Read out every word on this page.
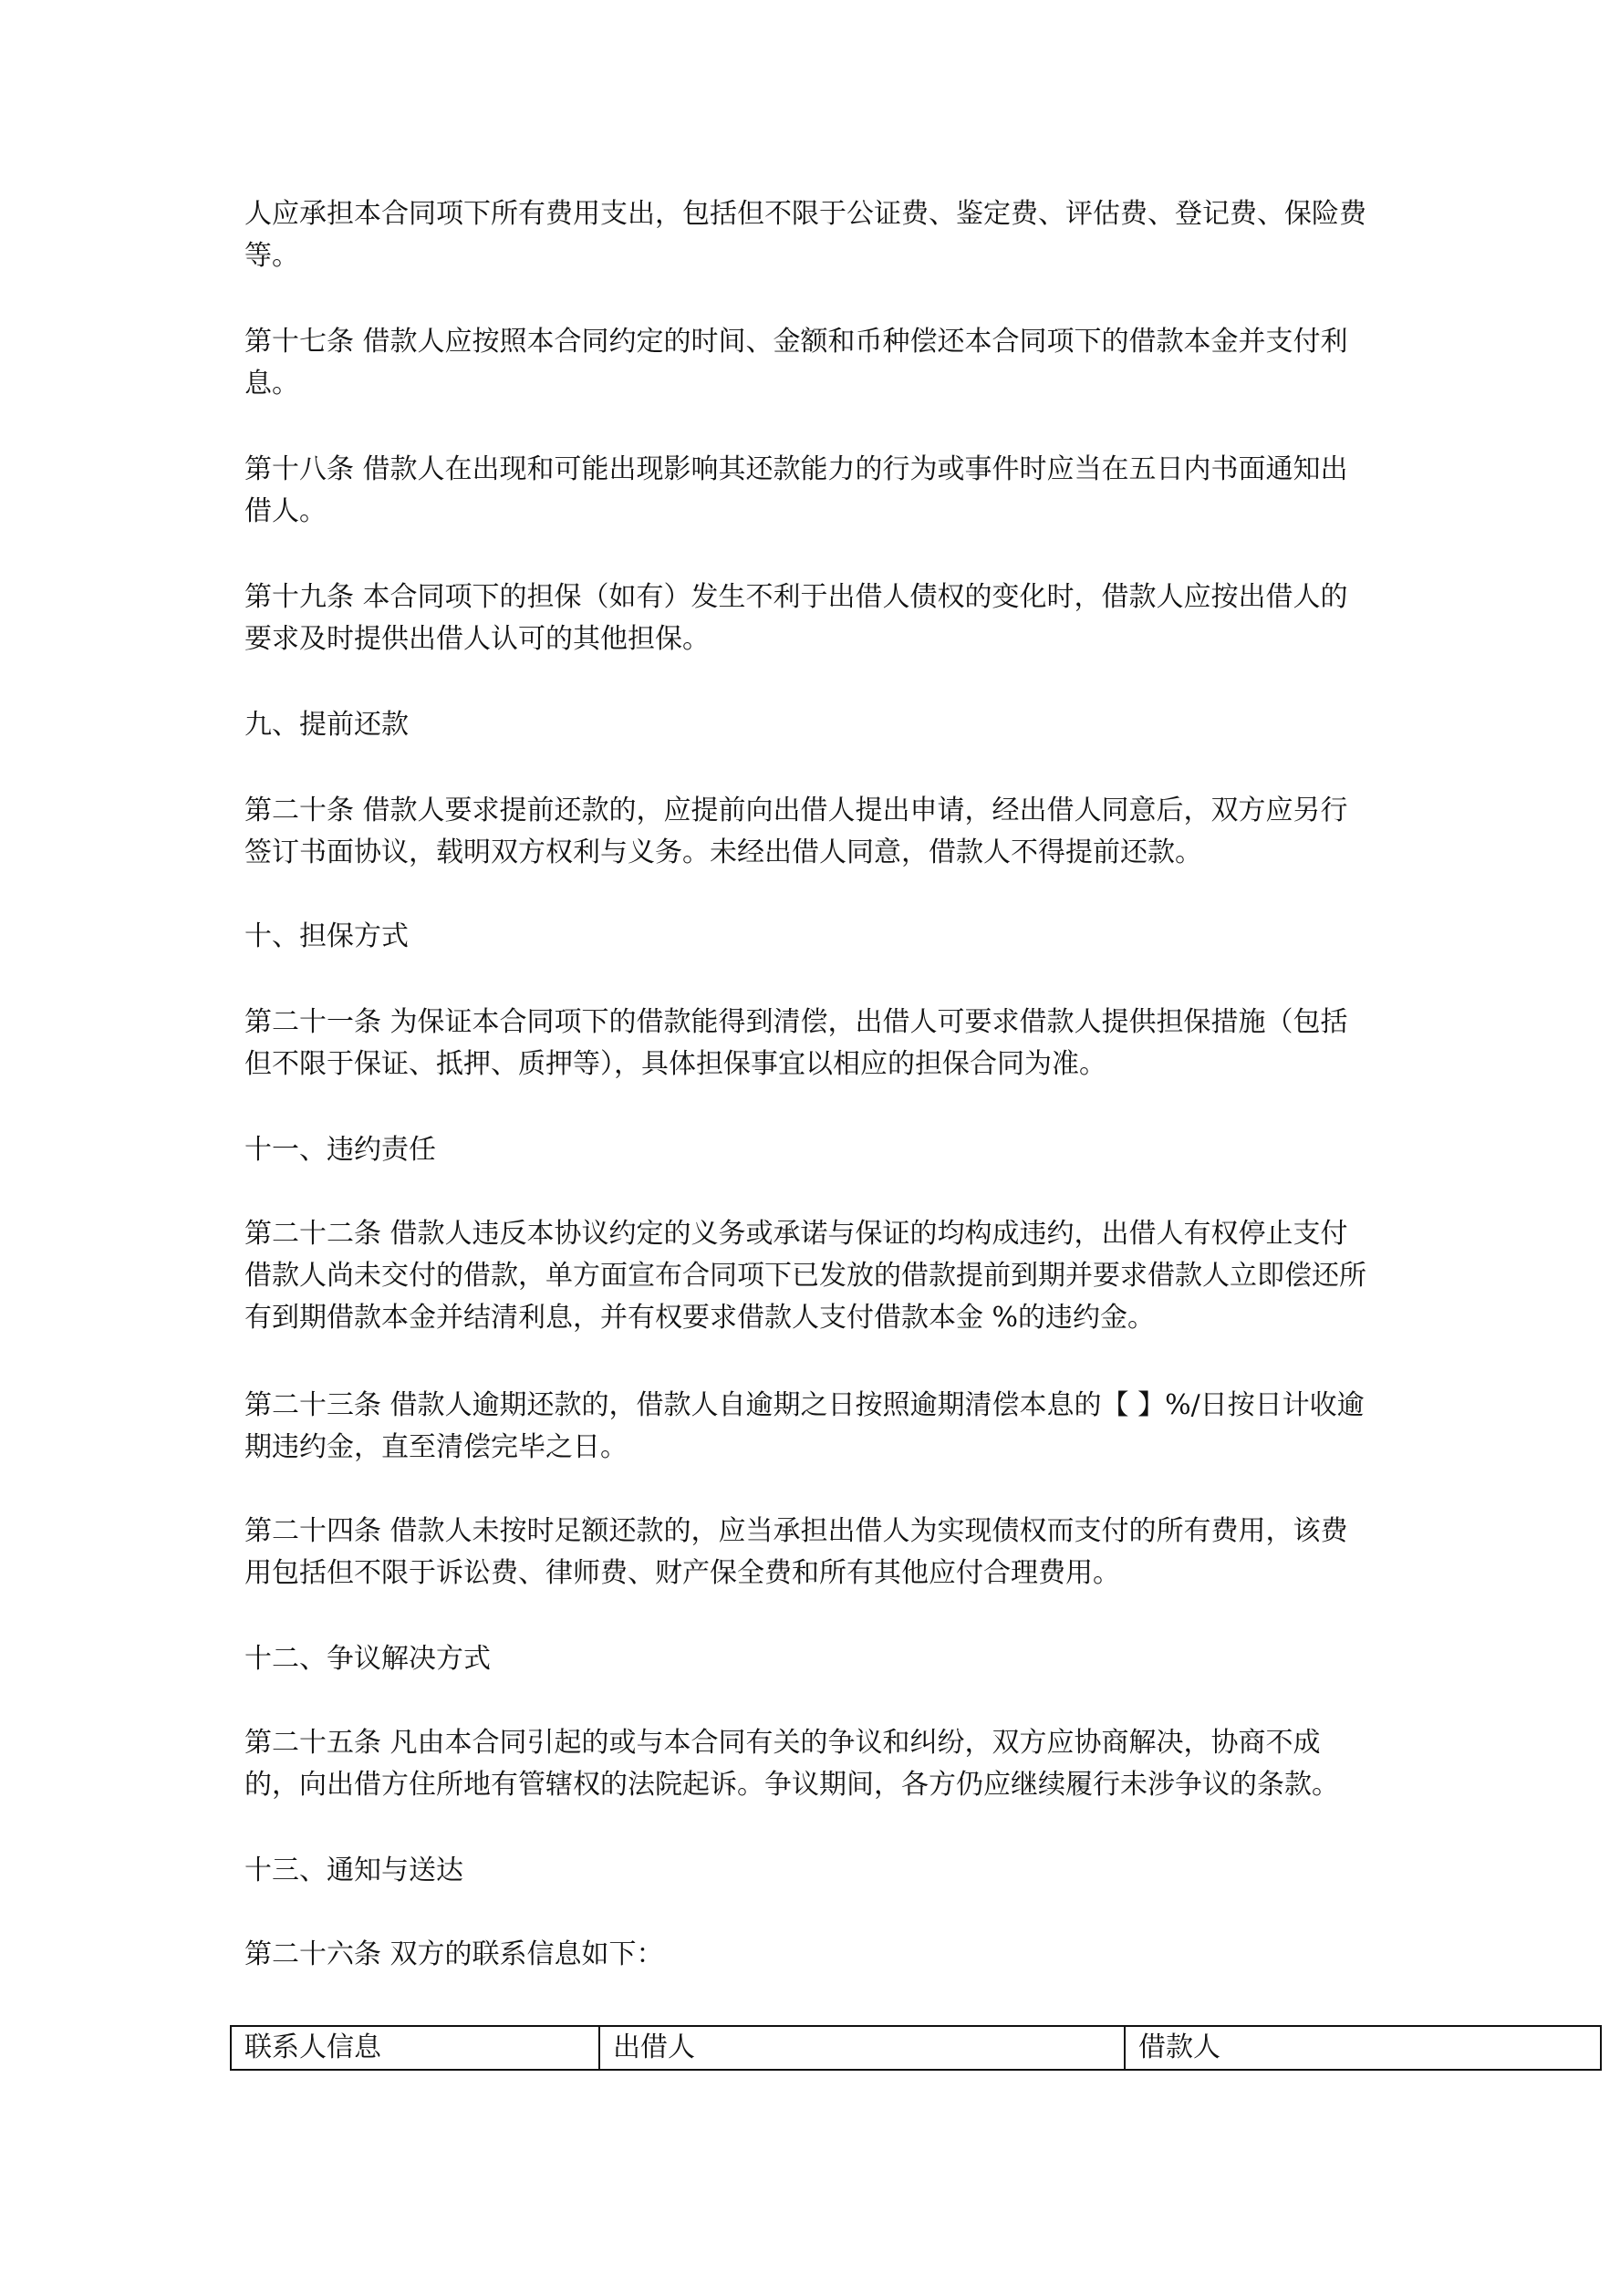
人应承担本合同项下所有费用支出，包括但不限于公证费、鉴定费、评估费、登记费、保险费等。

第十七条 借款人应按照本合同约定的时间、金额和币种偿还本合同项下的借款本金并支付利息。

第十八条 借款人在出现和可能出现影响其还款能力的行为或事件时应当在五日内书面通知出借人。

第十九条 本合同项下的担保（如有）发生不利于出借人债权的变化时，借款人应按出借人的要求及时提供出借人认可的其他担保。

九、提前还款

第二十条 借款人要求提前还款的，应提前向出借人提出申请，经出借人同意后，双方应另行签订书面协议，载明双方权利与义务。未经出借人同意，借款人不得提前还款。

十、担保方式

第二十一条 为保证本合同项下的借款能得到清偿，出借人可要求借款人提供担保措施（包括但不限于保证、抵押、质押等），具体担保事宜以相应的担保合同为准。

十一、违约责任

第二十二条 借款人违反本协议约定的义务或承诺与保证的均构成违约，出借人有权停止支付借款人尚未交付的借款，单方面宣布合同项下已发放的借款提前到期并要求借款人立即偿还所有到期借款本金并结清利息，并有权要求借款人支付借款本金 %的违约金。

第二十三条 借款人逾期还款的，借款人自逾期之日按照逾期清偿本息的【 】%/日按日计收逾期违约金，直至清偿完毕之日。

第二十四条 借款人未按时足额还款的，应当承担出借人为实现债权而支付的所有费用，该费用包括但不限于诉讼费、律师费、财产保全费和所有其他应付合理费用。

十二、争议解决方式

第二十五条 凡由本合同引起的或与本合同有关的争议和纠纷，双方应协商解决，协商不成的，向出借方住所地有管辖权的法院起诉。争议期间，各方仍应继续履行未涉争议的条款。

十三、通知与送达

第二十六条 双方的联系信息如下：

联系人信息	出借人	借款人
